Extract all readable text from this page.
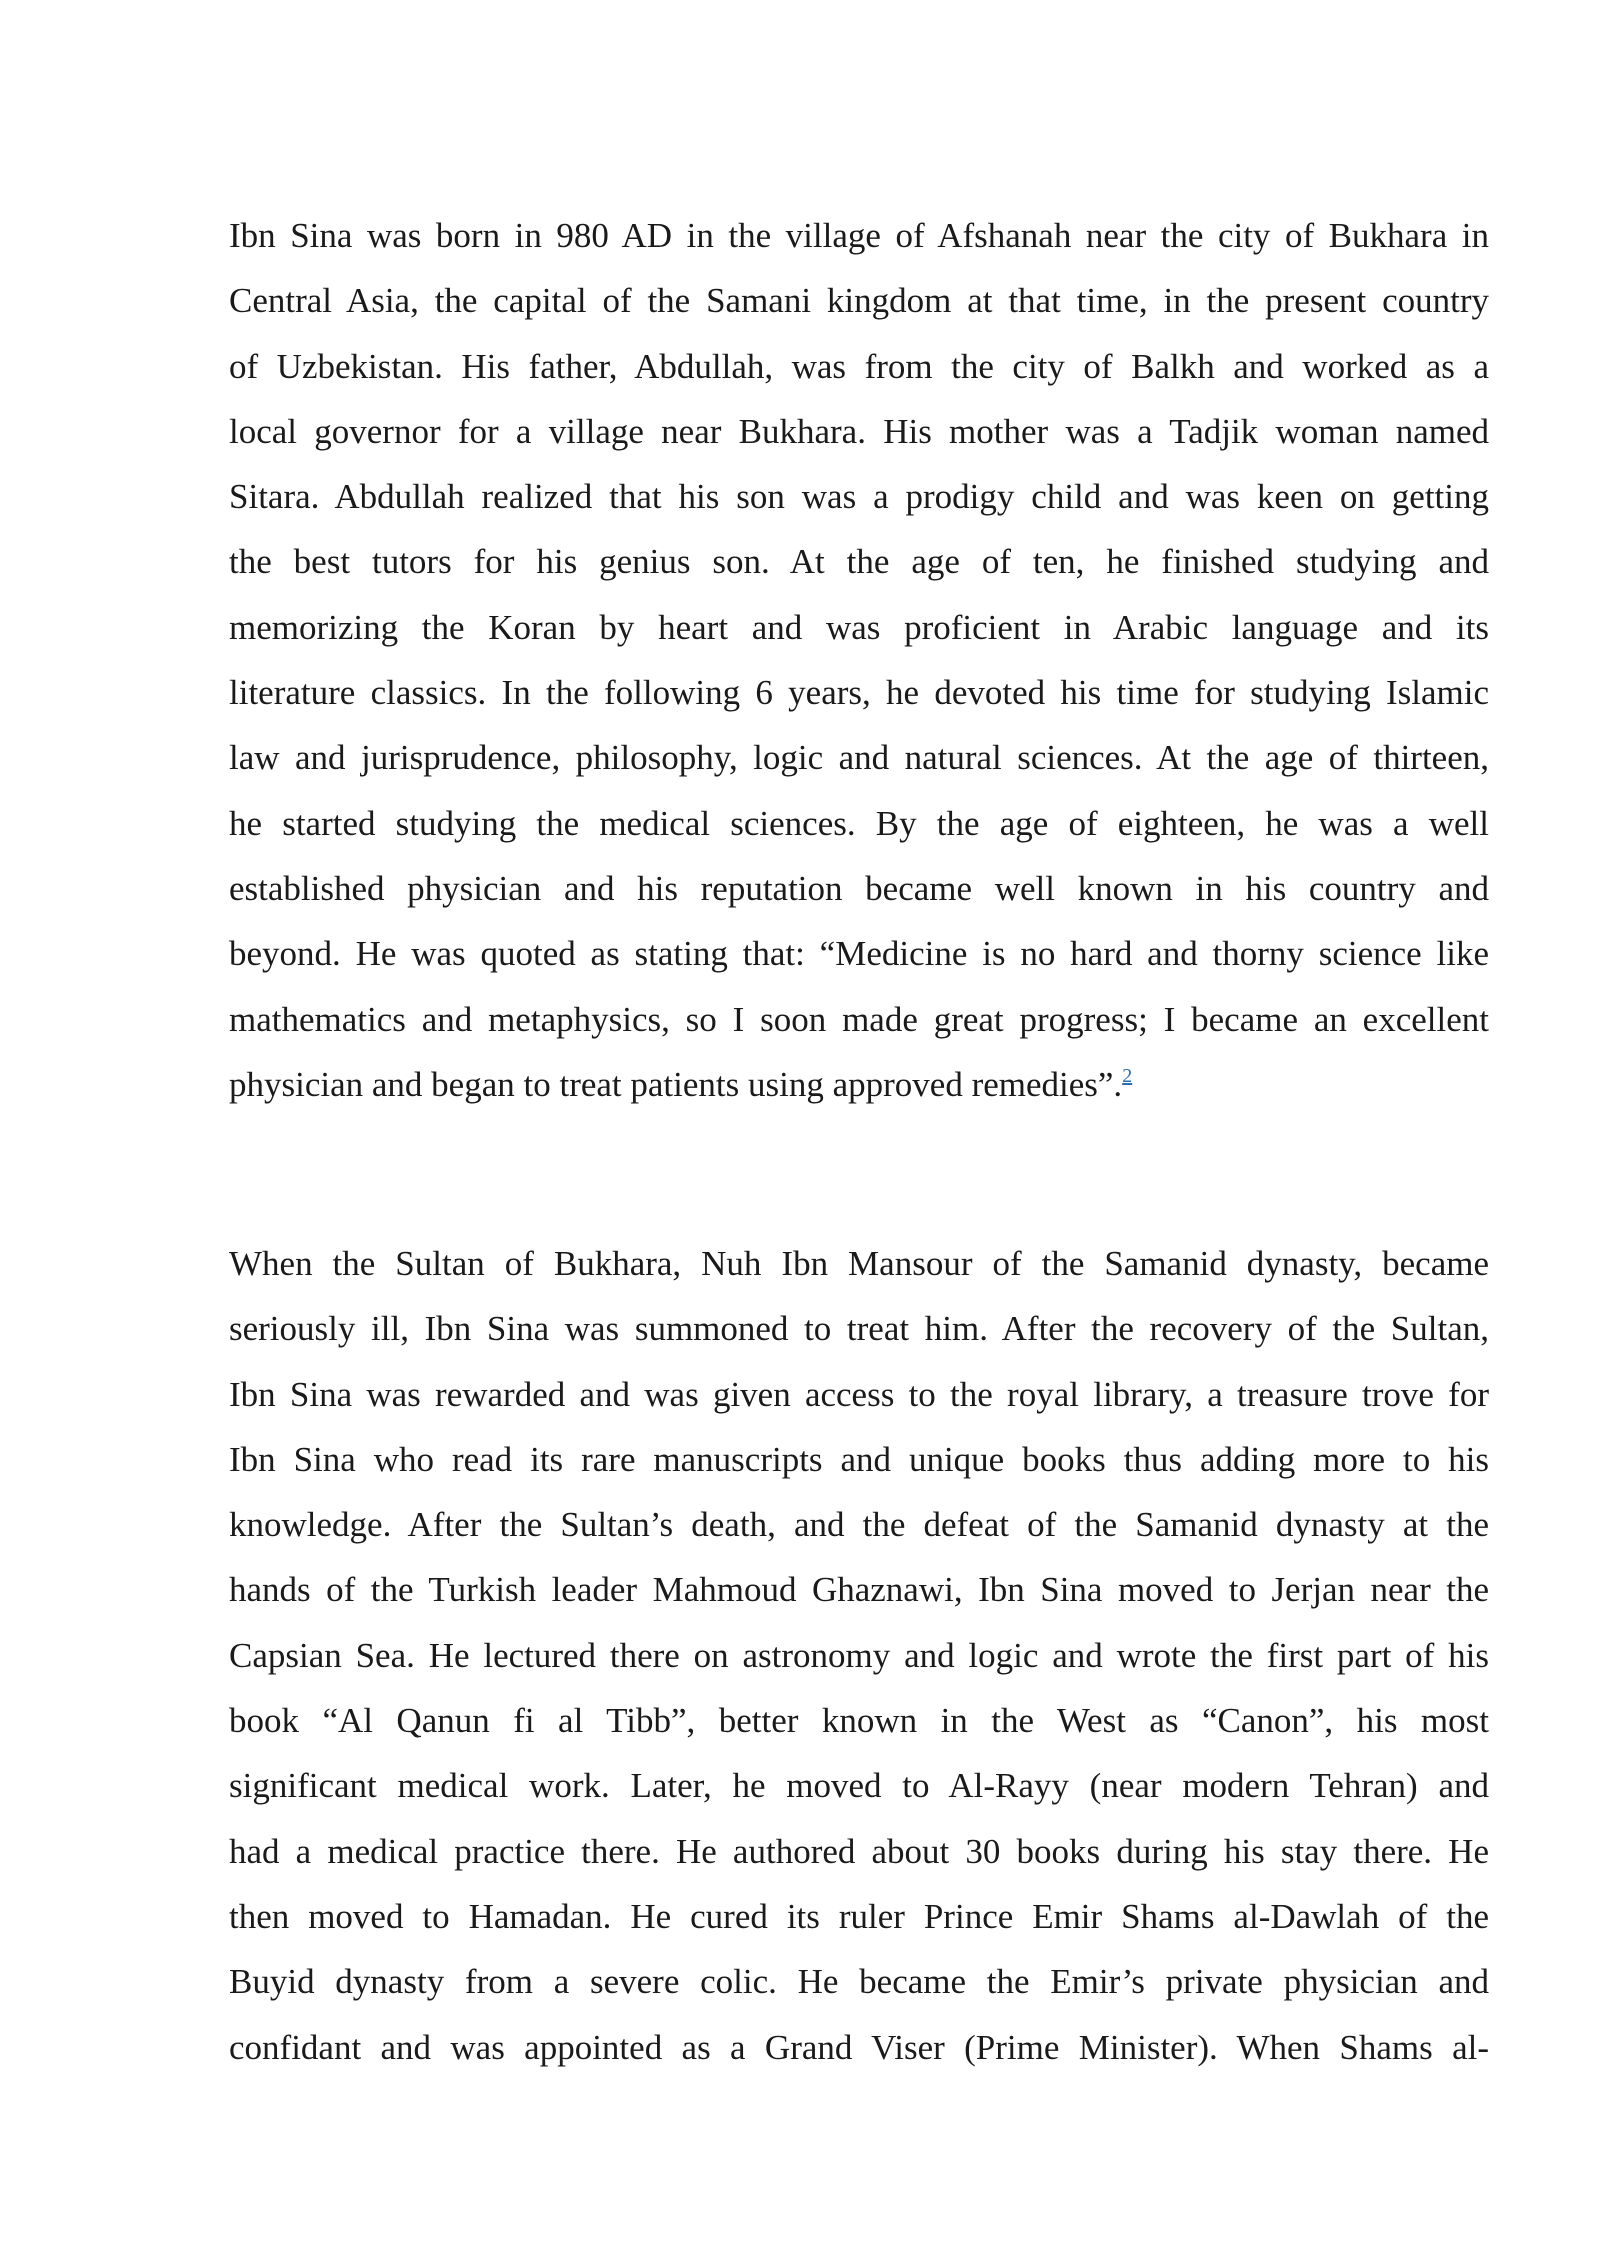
Ibn Sina was born in 980 AD in the village of Afshanah near the city of Bukhara in
Central Asia, the capital of the Samani kingdom at that time, in the present country
of Uzbekistan. His father, Abdullah, was from the city of Balkh and worked as a
local governor for a village near Bukhara. His mother was a Tadjik woman named
Sitara. Abdullah realized that his son was a prodigy child and was keen on getting
the best tutors for his genius son. At the age of ten, he finished studying and
memorizing the Koran by heart and was proficient in Arabic language and its
literature classics. In the following 6 years, he devoted his time for studying Islamic
law and jurisprudence, philosophy, logic and natural sciences. At the age of thirteen,
he started studying the medical sciences. By the age of eighteen, he was a well
established physician and his reputation became well known in his country and
beyond. He was quoted as stating that: “Medicine is no hard and thorny science like
mathematics and metaphysics, so I soon made great progress; I became an excellent
physician and began to treat patients using approved remedies”.$^2$
When the Sultan of Bukhara, Nuh Ibn Mansour of the Samanid dynasty, became
seriously ill, Ibn Sina was summoned to treat him. After the recovery of the Sultan,
Ibn Sina was rewarded and was given access to the royal library, a treasure trove for
Ibn Sina who read its rare manuscripts and unique books thus adding more to his
knowledge. After the Sultan’s death, and the defeat of the Samanid dynasty at the
hands of the Turkish leader Mahmoud Ghaznawi, Ibn Sina moved to Jerjan near the
Capsian Sea. He lectured there on astronomy and logic and wrote the first part of his
book “Al Qanun fi al Tibb”, better known in the West as “Canon”, his most
significant medical work. Later, he moved to Al-Rayy (near modern Tehran) and
had a medical practice there. He authored about 30 books during his stay there. He
then moved to Hamadan. He cured its ruler Prince Emir Shams al-Dawlah of the
Buyid dynasty from a severe colic. He became the Emir’s private physician and
confidant and was appointed as a Grand Viser (Prime Minister). When Shams al-
